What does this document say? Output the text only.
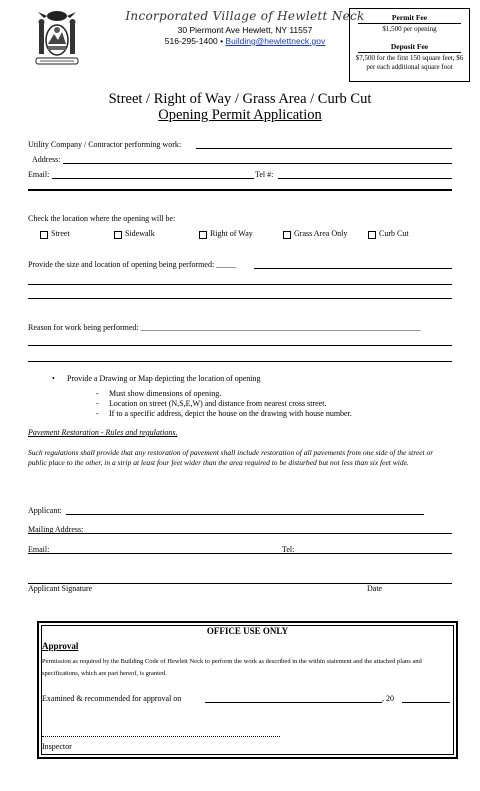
Incorporated Village of Hewlett Neck
30 Piermont Ave Hewlett, NY 11557
516-295-1400 • Building@hewlettneck.gov
Permit Fee
$1,500 per opening
Deposit Fee
$7,500 for the first 150 square feet, $6 per each additional square foot
Street / Right of Way / Grass Area / Curb Cut
Opening Permit Application
Utility Company / Contractor performing work:
Address:
Email:	Tel #:
Check the location where the opening will be:
Street	Sidewalk	Right of Way	Grass Area Only	Curb Cut
Provide the size and location of opening being performed: _____
Reason for work being performed: ______________________________________________________________________
• Provide a Drawing or Map depicting the location of opening
- Must show dimensions of opening.
- Location on street (N,S,E,W) and distance from nearest cross street.
- If to a specific address, depict the house on the drawing with house number.
Pavement Restoration - Rules and regulations.
Such regulations shall provide that any restoration of pavement shall include restoration of all pavements from one side of the street or public place to the other, in a strip at least four feet wider than the area required to be disturbed but not less than six feet wide.
Applicant:
Mailing Address:
Email:	Tel:
Applicant Signature	Date
OFFICE USE ONLY
Approval
Permission as required by the Building Code of Hewlett Neck to perform the work as described in the within statement and the attached plans and specifications, which are part hereof, is granted.
Examined & recommended for approval on	, 20
Inspector
